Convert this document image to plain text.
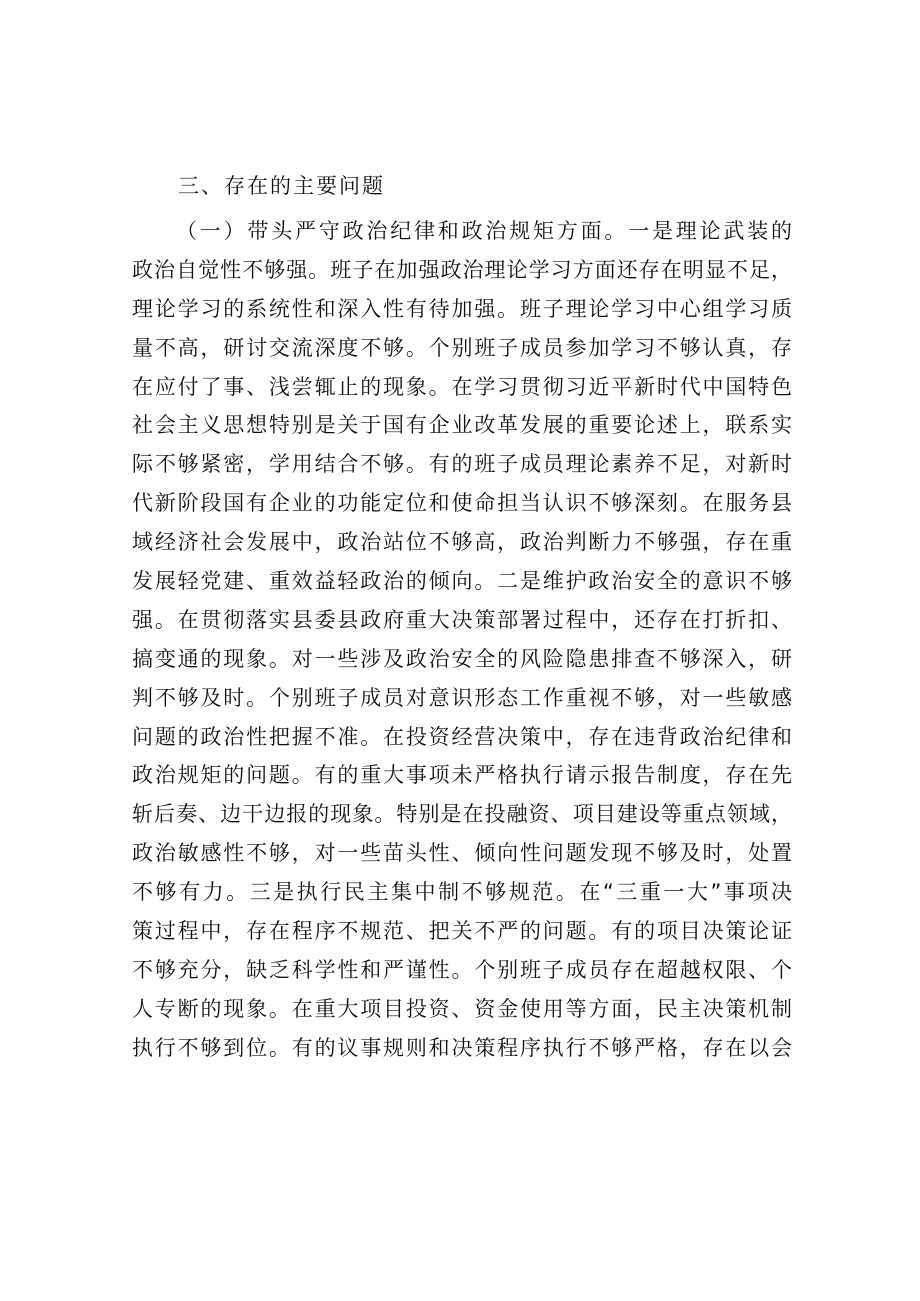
三、存在的主要问题
（一）带头严守政治纪律和政治规矩方面。一是理论武装的
政治自觉性不够强。班子在加强政治理论学习方面还存在明显不足，
理论学习的系统性和深入性有待加强。班子理论学习中心组学习质
量不高，研讨交流深度不够。个别班子成员参加学习不够认真，存
在应付了事、浅尝辄止的现象。在学习贯彻习近平新时代中国特色
社会主义思想特别是关于国有企业改革发展的重要论述上，联系实
际不够紧密，学用结合不够。有的班子成员理论素养不足，对新时
代新阶段国有企业的功能定位和使命担当认识不够深刻。在服务县
域经济社会发展中，政治站位不够高，政治判断力不够强，存在重
发展轻党建、重效益轻政治的倾向。二是维护政治安全的意识不够
强。在贯彻落实县委县政府重大决策部署过程中，还存在打折扣、
搞变通的现象。对一些涉及政治安全的风险隐患排查不够深入，研
判不够及时。个别班子成员对意识形态工作重视不够，对一些敏感
问题的政治性把握不准。在投资经营决策中，存在违背政治纪律和
政治规矩的问题。有的重大事项未严格执行请示报告制度，存在先
斩后奏、边干边报的现象。特别是在投融资、项目建设等重点领域，
政治敏感性不够，对一些苗头性、倾向性问题发现不够及时，处置
不够有力。三是执行民主集中制不够规范。在“三重一大”事项决
策过程中，存在程序不规范、把关不严的问题。有的项目决策论证
不够充分，缺乏科学性和严谨性。个别班子成员存在超越权限、个
人专断的现象。在重大项目投资、资金使用等方面，民主决策机制
执行不够到位。有的议事规则和决策程序执行不够严格，存在以会
